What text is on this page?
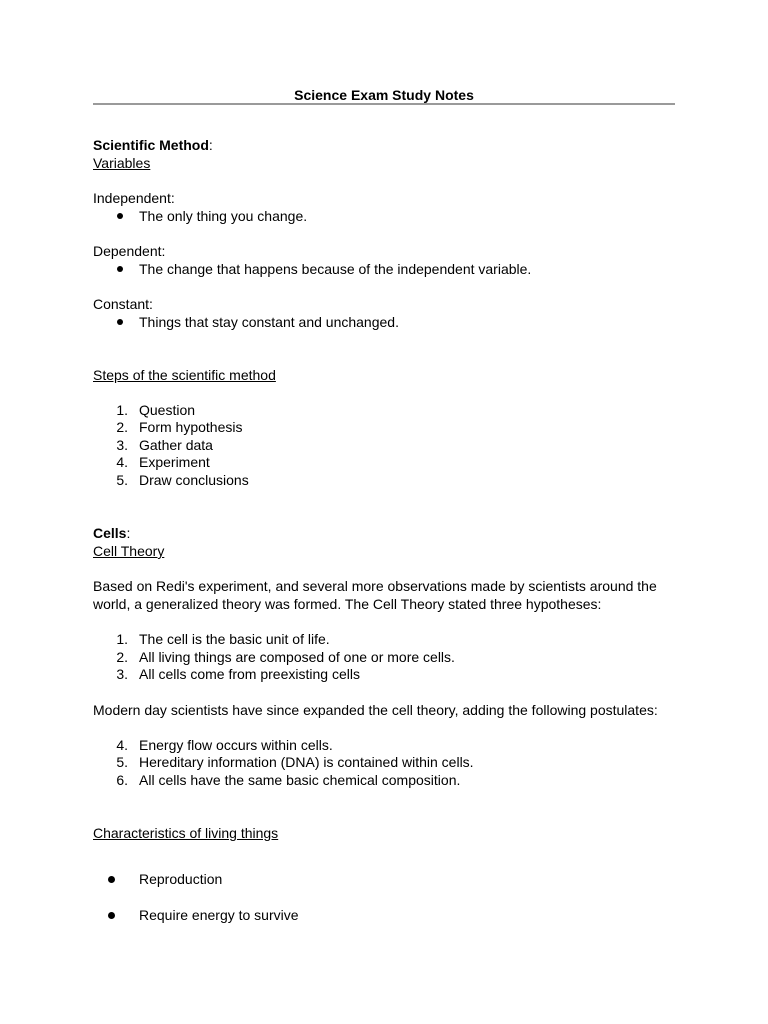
Science Exam Study Notes
Scientific Method:
Variables
Independent:
The only thing you change.
Dependent:
The change that happens because of the independent variable.
Constant:
Things that stay constant and unchanged.
Steps of the scientific method
1. Question
2. Form hypothesis
3. Gather data
4. Experiment
5. Draw conclusions
Cells:
Cell Theory
Based on Redi's experiment, and several more observations made by scientists around the world, a generalized theory was formed. The Cell Theory stated three hypotheses:
1. The cell is the basic unit of life.
2. All living things are composed of one or more cells.
3. All cells come from preexisting cells
Modern day scientists have since expanded the cell theory, adding the following postulates:
4. Energy flow occurs within cells.
5. Hereditary information (DNA) is contained within cells.
6. All cells have the same basic chemical composition.
Characteristics of living things
Reproduction
Require energy to survive
